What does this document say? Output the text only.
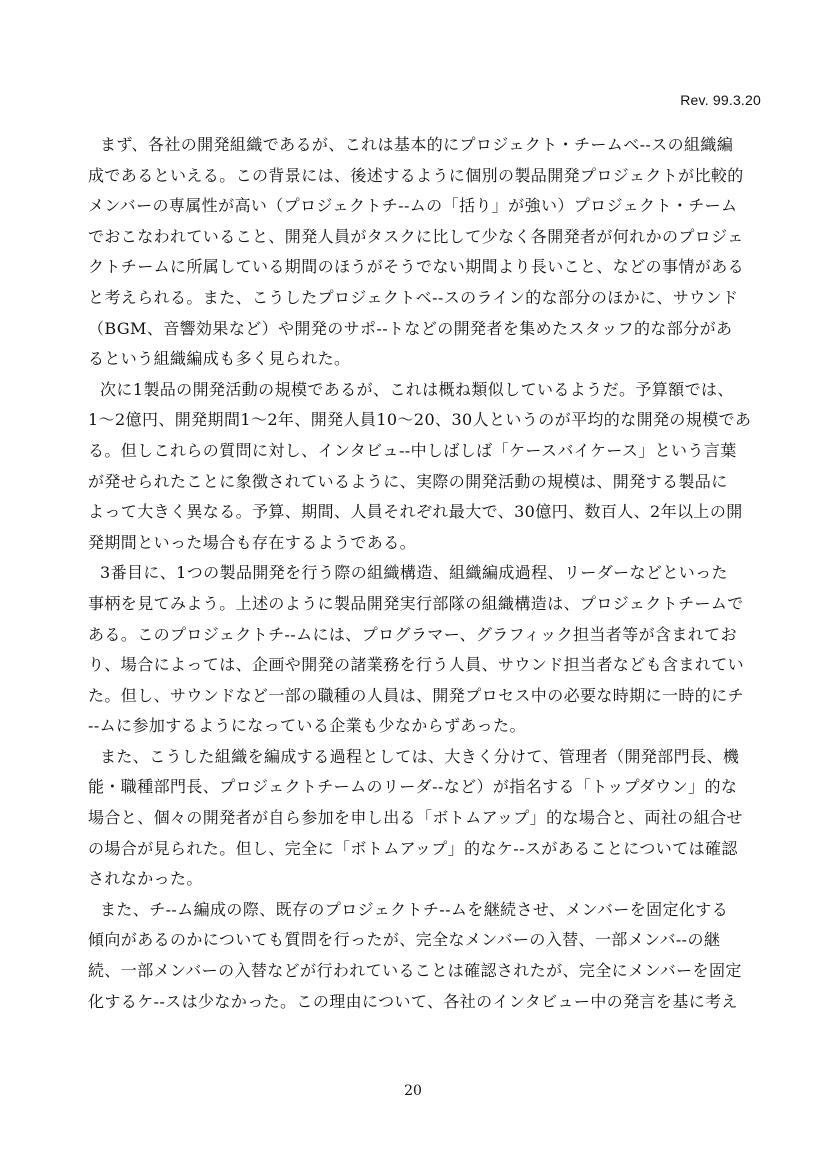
Rev. 99.3.20
まず、各社の開発組織であるが、これは基本的にプロジェクト・チームベ-‐スの組織編
成であるといえる。この背景には、後述するように個別の製品開発プロジェクトが比較的
メンバーの専属性が高い（プロジェクトチ-‐ムの「括り」が強い）プロジェクト・チーム
でおこなわれていること、開発人員がタスクに比して少なく各開発者が何れかのプロジェ
クトチームに所属している期間のほうがそうでない期間より長いこと、などの事情がある
と考えられる。また、こうしたプロジェクトベ-‐スのライン的な部分のほかに、サウンド
（BGM、音響効果など）や開発のサポ-‐トなどの開発者を集めたスタッフ的な部分があ
るという組織編成も多く見られた。
次に1製品の開発活動の規模であるが、これは概ね類似しているようだ。予算額では、
1～2億円、開発期間1～2年、開発人員10～20、30人というのが平均的な開発の規模であ
る。但しこれらの質問に対し、インタビュ-‐中しばしば「ケースバイケース」という言葉
が発せられたことに象徴されているように、実際の開発活動の規模は、開発する製品に
よって大きく異なる。予算、期間、人員それぞれ最大で、30億円、数百人、2年以上の開
発期間といった場合も存在するようである。
3番目に、1つの製品開発を行う際の組織構造、組織編成過程、リーダーなどといった
事柄を見てみよう。上述のように製品開発実行部隊の組織構造は、プロジェクトチームで
ある。このプロジェクトチ-‐ムには、プログラマー、グラフィック担当者等が含まれてお
り、場合によっては、企画や開発の諸業務を行う人員、サウンド担当者なども含まれてい
た。但し、サウンドなど一部の職種の人員は、開発プロセス中の必要な時期に一時的にチ
-‐ムに参加するようになっている企業も少なからずあった。
また、こうした組織を編成する過程としては、大きく分けて、管理者（開発部門長、機
能・職種部門長、プロジェクトチームのリーダ-‐など）が指名する「トップダウン」的な
場合と、個々の開発者が自ら参加を申し出る「ボトムアップ」的な場合と、両社の組合せ
の場合が見られた。但し、完全に「ボトムアップ」的なケ-‐スがあることについては確認
されなかった。
また、チ-‐ム編成の際、既存のプロジェクトチ-‐ムを継続させ、メンバーを固定化する
傾向があるのかについても質問を行ったが、完全なメンバーの入替、一部メンバ-‐の継
続、一部メンバーの入替などが行われていることは確認されたが、完全にメンバーを固定
化するケ-‐スは少なかった。この理由について、各社のインタビュー中の発言を基に考え
20
